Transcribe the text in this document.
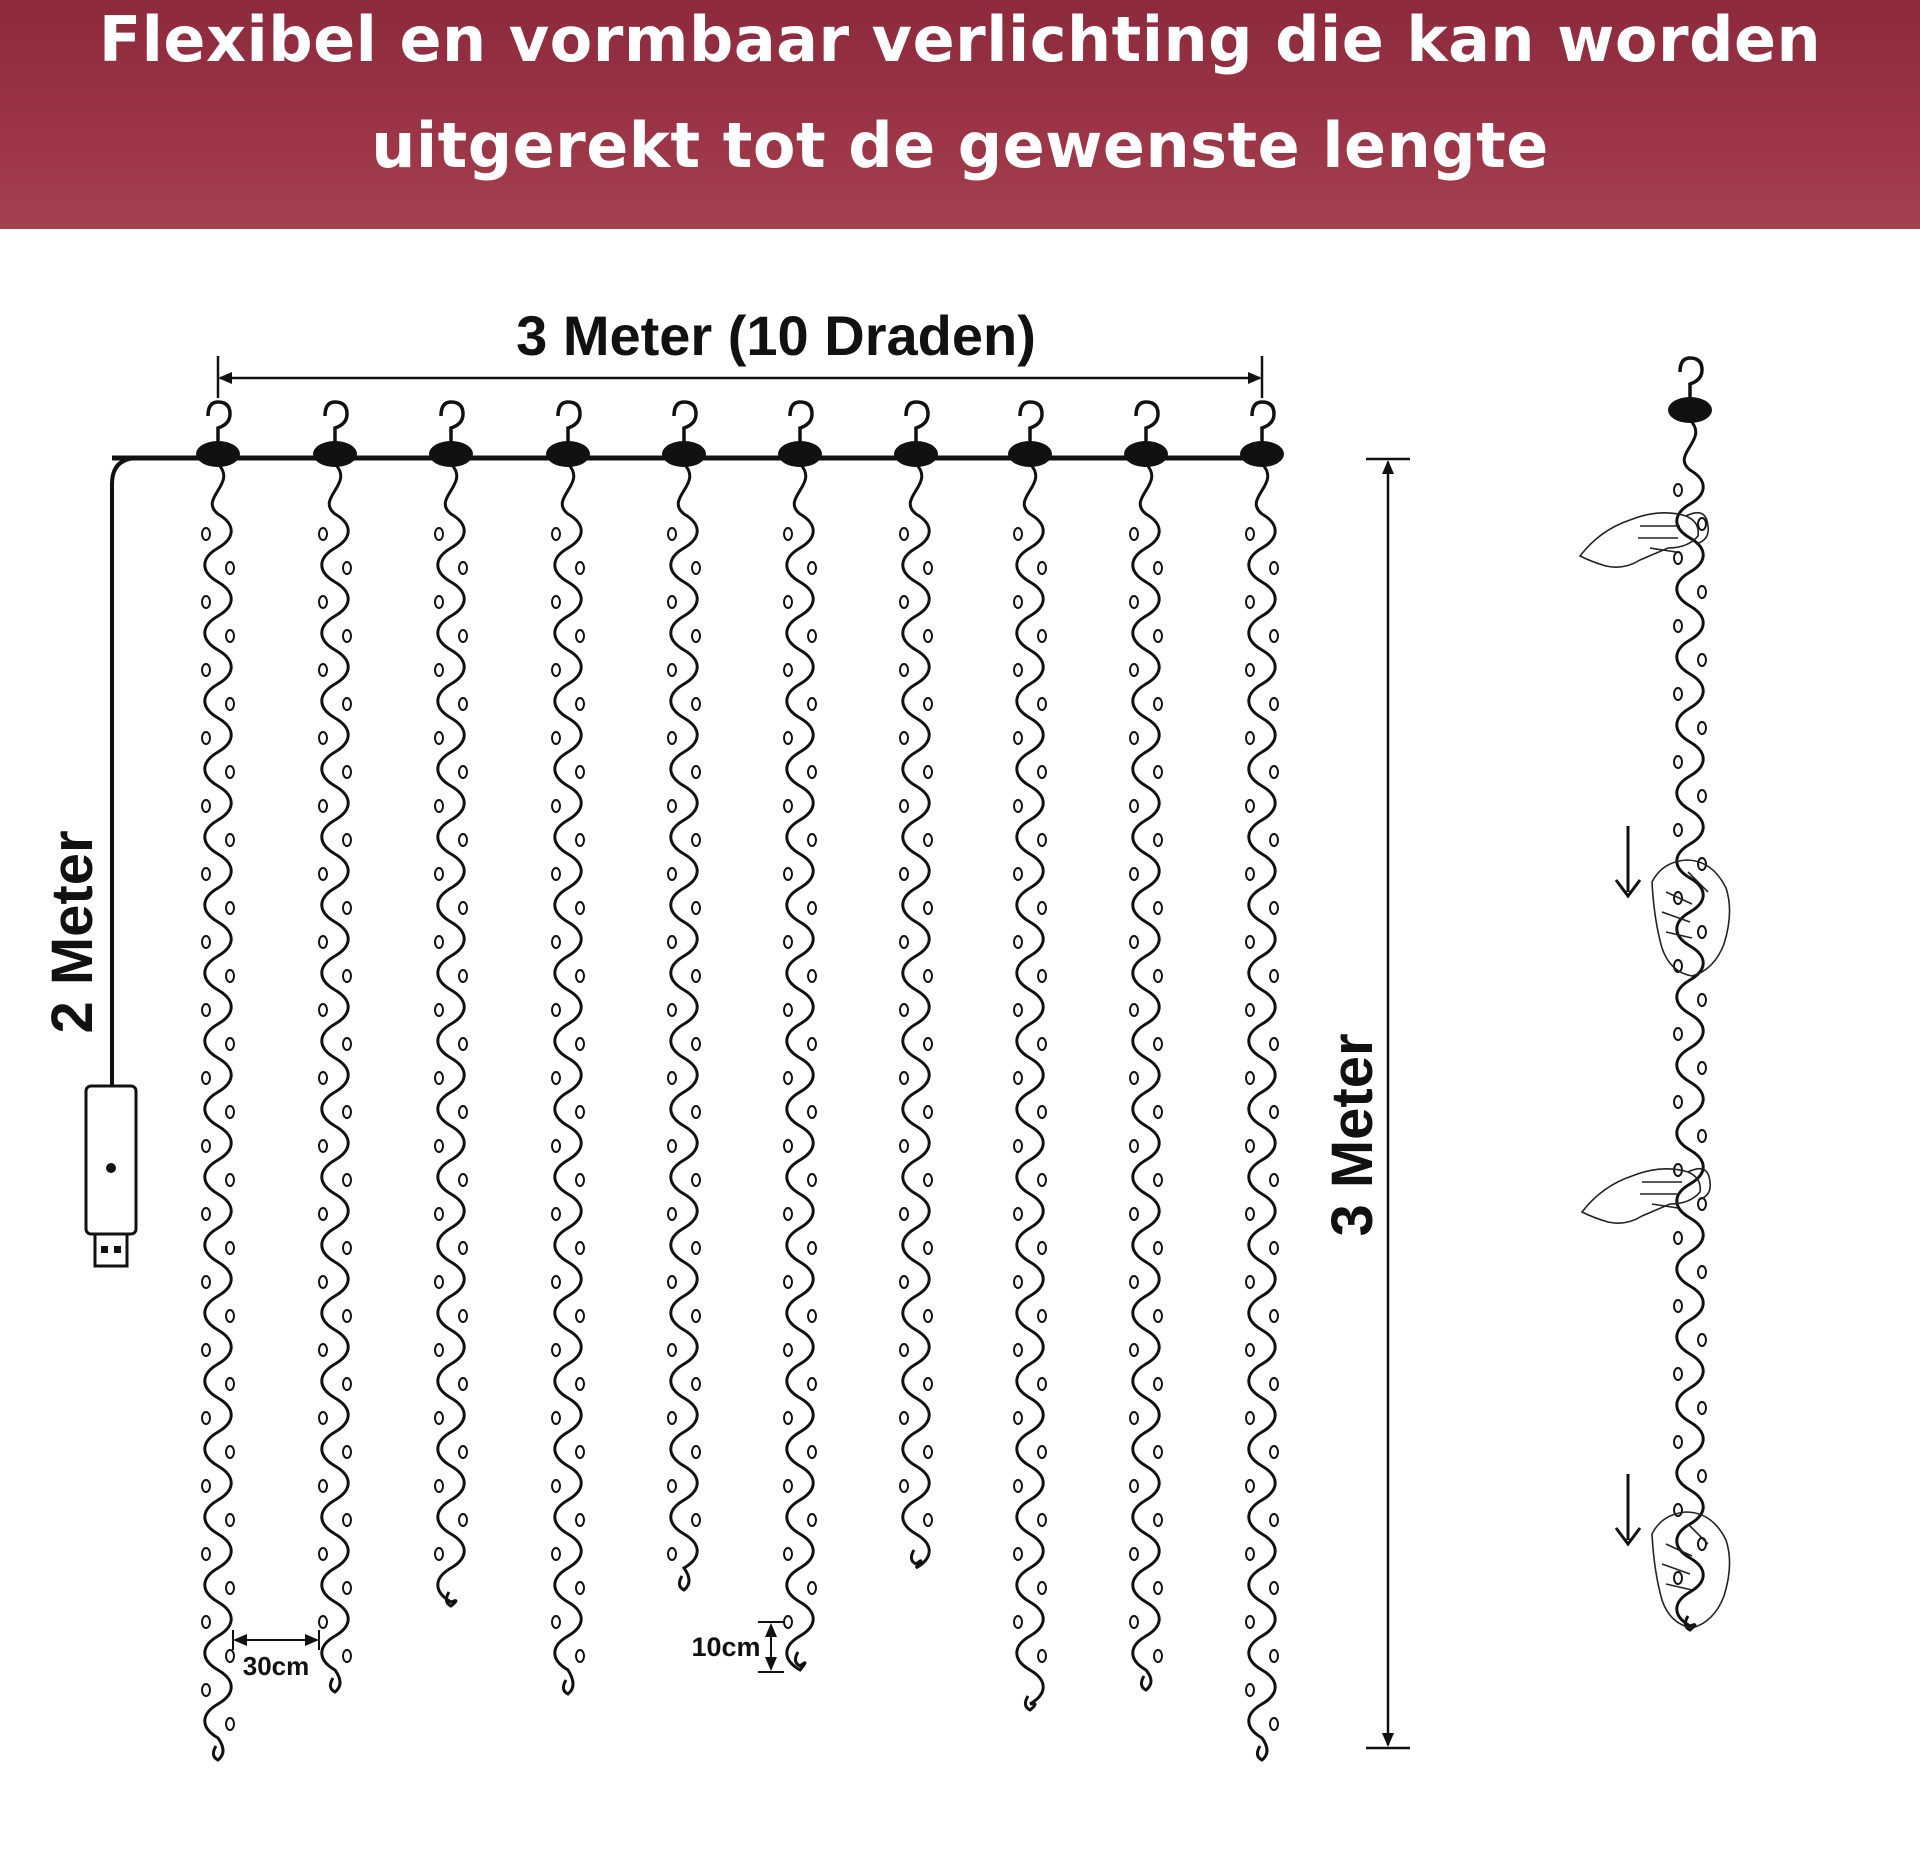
Flexibel en vormbaar verlichting die kan worden
uitgerekt tot de gewenste lengte
3 Meter (10 Draden)
3 Meter
2 Meter
30cm
10cm
